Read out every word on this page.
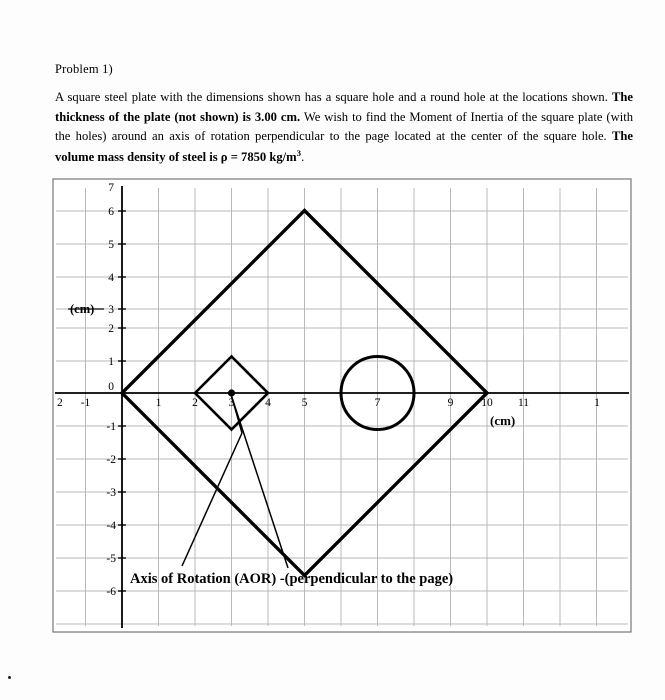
Problem 1)
A square steel plate with the dimensions shown has a square hole and a round hole at the locations shown. The thickness of the plate (not shown) is 3.00 cm. We wish to find the Moment of Inertia of the square plate (with the holes) around an axis of rotation perpendicular to the page located at the center of the square hole. The volume mass density of steel is ρ = 7850 $kg/m^3$.
7
6
5
4
3
2
1
0
-1
-2
-3
-4
-5
-6
(cm)
2 -1	1	2	3	4	5	7	9 10 11	1
(cm)
Axis of Rotation (AOR) -(perpendicular to the page)
